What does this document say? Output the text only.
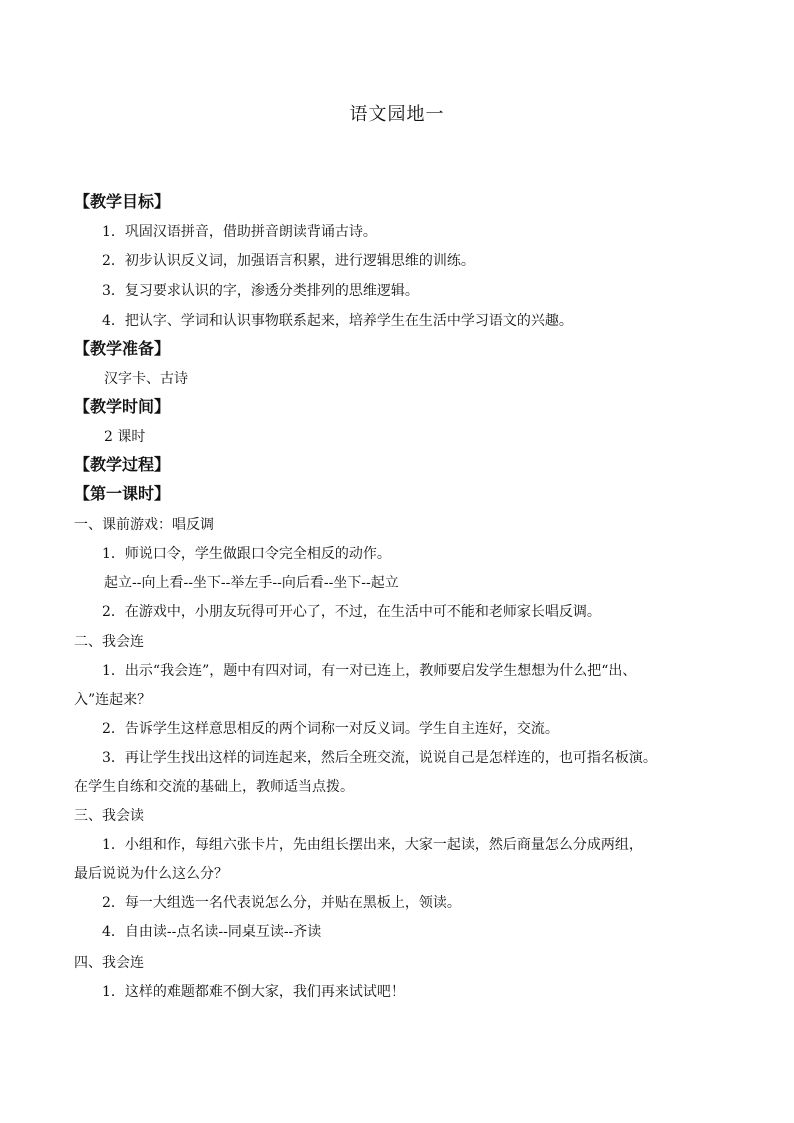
语文园地一
【教学目标】
1．巩固汉语拼音，借助拼音朗读背诵古诗。
2．初步认识反义词，加强语言积累，进行逻辑思维的训练。
3．复习要求认识的字，渗透分类排列的思维逻辑。
4．把认字、学词和认识事物联系起来，培养学生在生活中学习语文的兴趣。
【教学准备】
汉字卡、古诗
【教学时间】
2 课时
【教学过程】
【第一课时】
一、课前游戏：唱反调
1．师说口令，学生做跟口令完全相反的动作。
起立--向上看--坐下--举左手--向后看--坐下--起立
2．在游戏中，小朋友玩得可开心了，不过，在生活中可不能和老师家长唱反调。
二、我会连
1．出示“我会连”，题中有四对词，有一对已连上，教师要启发学生想想为什么把“出、
入”连起来？
2．告诉学生这样意思相反的两个词称一对反义词。学生自主连好，交流。
3．再让学生找出这样的词连起来，然后全班交流，说说自己是怎样连的，也可指名板演。
在学生自练和交流的基础上，教师适当点拨。
三、我会读
1．小组和作，每组六张卡片，先由组长摆出来，大家一起读，然后商量怎么分成两组，
最后说说为什么这么分？
2．每一大组选一名代表说怎么分，并贴在黑板上，领读。
4．自由读--点名读--同桌互读--齐读
四、我会连
1．这样的难题都难不倒大家，我们再来试试吧！
